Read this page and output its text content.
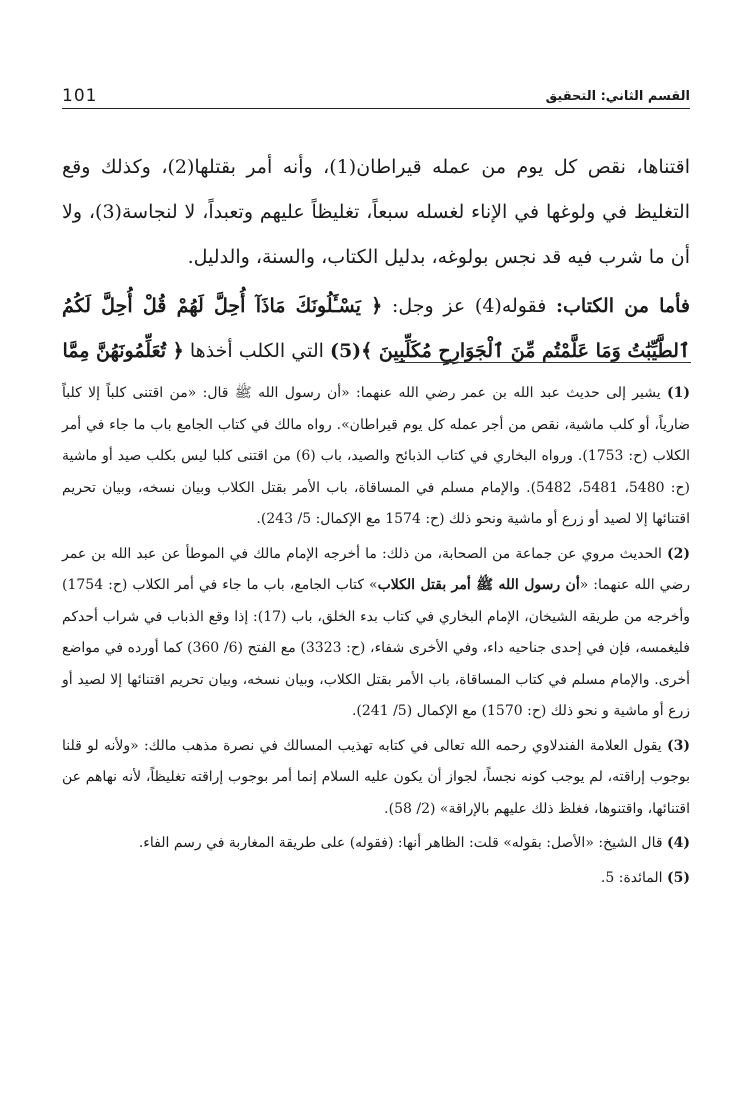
101	القسم الثاني: التحقيق

اقتناها، نقص كل يوم من عمله قيراطان(1)، وأنه أمر بقتلها(2)، وكذلك وقع التغليظ في ولوغها في الإناء لغسله سبعاً، تغليظاً عليهم وتعبداً، لا لنجاسة(3)، ولا أن ما شرب فيه قد نجس بولوغه، بدليل الكتاب، والسنة، والدليل.

فأما من الكتاب: فقوله(4) عز وجل: ﴿ يَسْـَٔلُونَكَ مَاذَآ أُحِلَّ لَهُمْ قُلْ أُحِلَّ لَكُمُ ٱلطَّيِّبَٰتُ وَمَا عَلَّمْتُم مِّنَ ٱلْجَوَارِحِ مُكَلِّبِينَ ﴾(5) التي الكلب أخذها ﴿ تُعَلِّمُونَهُنَّ مِمَّا

(1) يشير إلى حديث عبد الله بن عمر رضي الله عنهما: «أن رسول الله ﷺ قال: «من اقتنى كلباً إلا كلباً ضارياً، أو كلب ماشية، نقص من أجر عمله كل يوم قيراطان». رواه مالك في كتاب الجامع باب ما جاء في أمر الكلاب (ح: 1753). ورواه البخاري في كتاب الذبائح والصيد، باب (6) من اقتنى كلبا ليس بكلب صيد أو ماشية (ح: 5480، 5481، 5482). والإمام مسلم في المساقاة، باب الأمر بقتل الكلاب وبيان نسخه، وبيان تحريم اقتنائها إلا لصيد أو زرع أو ماشية ونحو ذلك (ح: 1574 مع الإكمال: 5/ 243).

(2) الحديث مروي عن جماعة من الصحابة، من ذلك: ما أخرجه الإمام مالك في الموطأ عن عبد الله بن عمر رضي الله عنهما: «أن رسول الله ﷺ أمر بقتل الكلاب» كتاب الجامع، باب ما جاء في أمر الكلاب (ح: 1754) وأخرجه من طريقه الشيخان، الإمام البخاري في كتاب بدء الخلق، باب (17): إذا وقع الذباب في شراب أحدكم فليغمسه، فإن في إحدى جناحيه داء، وفي الأخرى شفاء، (ح: 3323) مع الفتح (6/ 360) كما أورده في مواضع أخرى. والإمام مسلم في كتاب المساقاة، باب الأمر بقتل الكلاب، وبيان نسخه، وبيان تحريم اقتنائها إلا لصيد أو زرع أو ماشية و نحو ذلك (ح: 1570) مع الإكمال (5/ 241).

(3) يقول العلامة الفندلاوي رحمه الله تعالى في كتابه تهذيب المسالك في نصرة مذهب مالك: «ولأنه لو قلنا بوجوب إراقته، لم يوجب كونه نجساً، لجواز أن يكون عليه السلام إنما أمر بوجوب إراقته تغليظاً، لأنه نهاهم عن اقتنائها، واقتنوها، فغلظ ذلك عليهم بالإراقة» (2/ 58).

(4) قال الشيخ: «الأصل: بقوله» قلت: الظاهر أنها: (فقوله) على طريقة المغاربة في رسم الفاء.

(5) المائدة: 5.
